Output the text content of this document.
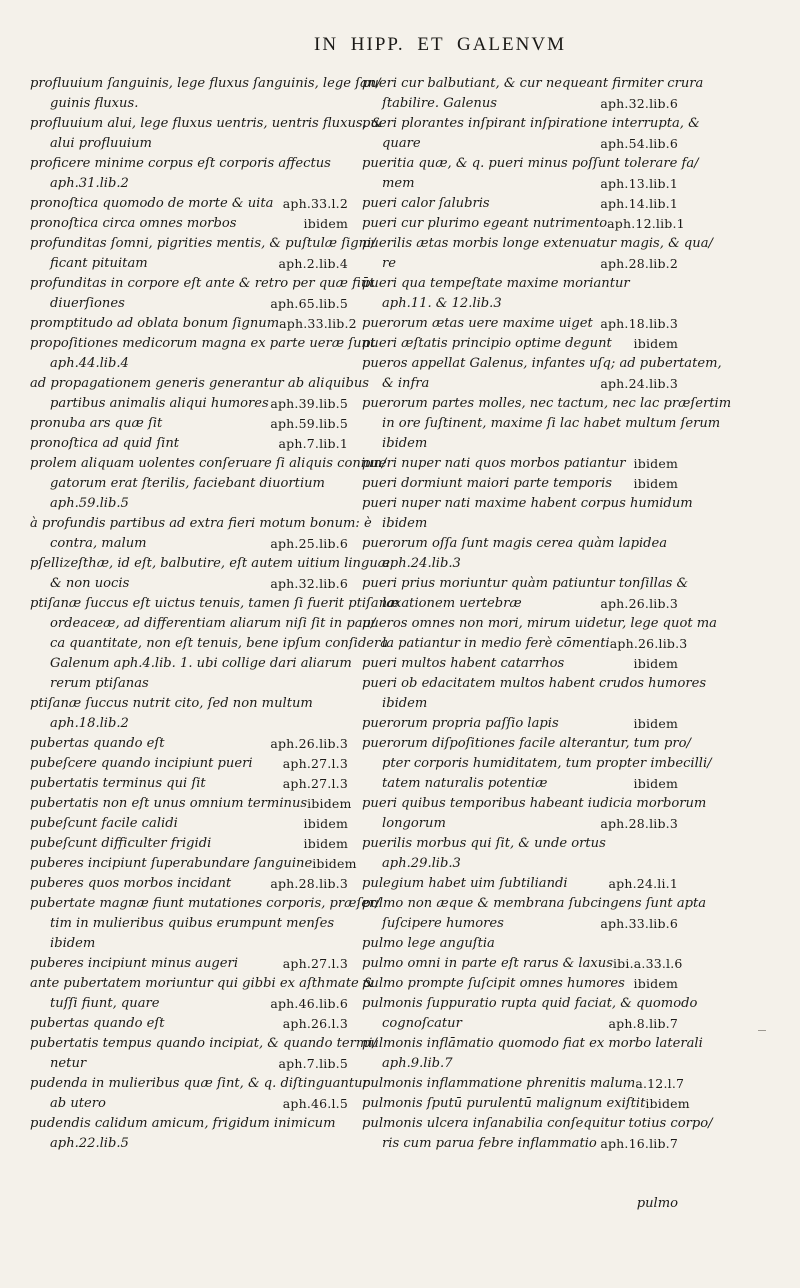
IN HIPP. ET GALENVM
profluuium ſanguinis, lege fluxus ſanguinis, lege ſan/
guinis fluxus.
profluuium alui, lege fluxus uentris, uentris fluxus, &
alui profluuium
proficere minime corpus eſt corporis affectus
aph.31.lib.2
pronoſtica quomodo de morte & uita aph.33.l.2
pronoſtica circa omnes morbos	ibidem
profunditas ſomni, pigrities mentis, & puſtulæ ſigni/
ficant pituitam	aph.2.lib.4
profunditas in corpore eſt ante & retro per quæ fiūt
diuerſiones	aph.65.lib.5
promptitudo ad oblata bonum ſignum aph.33.lib.2
propoſitiones medicorum magna ex parte ueræ ſunt
aph.44.lib.4
ad propagationem generis generantur ab aliquibus
partibus animalis aliqui humores aph.39.lib.5
pronuba ars quæ ſit	aph.59.lib.5
pronoſtica ad quid ſint	aph.7.lib.1
prolem aliquam uolentes conſeruare ſi aliquis coniun/
gatorum erat ſterilis, faciebant diuortium
aph.59.lib.5
à profundis partibus ad extra fieri motum bonum: è
contra, malum	aph.25.lib.6
pſellizeſthæ, id eſt, balbutire, eſt autem uitium linguæ
& non uocis	aph.32.lib.6
ptiſanæ ſuccus eſt uictus tenuis, tamen ſi fuerit ptiſanæ
ordeaceæ, ad differentiam aliarum niſi ſit in pau/
ca quantitate, non eſt tenuis, bene ipſum conſidera
Galenum aph.4.lib. 1. ubi collige dari aliarum
rerum ptiſanas
ptiſanæ ſuccus nutrit cito, ſed non multum
aph.18.lib.2
pubertas quando eſt	aph.26.lib.3
pubeſcere quando incipiunt pueri aph.27.l.3
pubertatis terminus qui ſit	aph.27.l.3
pubertatis non eſt unus omnium terminus ibidem
pubeſcunt facile calidi	ibidem
pubeſcunt difficulter frigidi	ibidem
puberes incipiunt ſuperabundare ſanguine ibidem
puberes quos morbos incidant	aph.28.lib.3
pubertate magnæ fiunt mutationes corporis, præſer/
tim in mulieribus quibus erumpunt menſes
ibidem
puberes incipiunt minus augeri	aph.27.l.3
ante pubertatem moriuntur qui gibbi ex aſthmate &
tuſſi fiunt, quare	aph.46.lib.6
pubertas quando eſt	aph.26.l.3
pubertatis tempus quando incipiat, & quando termi/
netur	aph.7.lib.5
pudenda in mulieribus quæ ſint, & q. diſtinguantur
ab utero	aph.46.l.5
pudendis calidum amicum, frigidum inimicum
aph.22.lib.5
pueri cur balbutiant, & cur nequeant firmiter crura
ſtabilire. Galenus	aph.32.lib.6
pueri plorantes inſpirant inſpiratione interrupta, &
quare	aph.54.lib.6
pueritia quæ, & q. pueri minus poſſunt tolerare fa/
mem	aph.13.lib.1
pueri calor ſalubris	aph.14.lib.1
pueri cur plurimo egeant nutrimento aph.12.lib.1
puerilis ætas morbis longe extenuatur magis, & qua/
re	aph.28.lib.2
pueri qua tempeſtate maxime moriantur
aph.11. & 12.lib.3
puerorum ætas uere maxime uiget aph.18.lib.3
pueri æſtatis principio optime degunt ibidem
pueros appellat Galenus, infantes uſq; ad pubertatem,
& infra	aph.24.lib.3
puerorum partes molles, nec tactum, nec lac præſertim
in ore ſuſtinent, maxime ſi lac habet multum ſerum
ibidem
pueri nuper nati quos morbos patiantur ibidem
pueri dormiunt maiori parte temporis ibidem
pueri nuper nati maxime habent corpus humidum
ibidem
puerorum oſſa ſunt magis cerea quàm lapidea
aph.24.lib.3
pueri prius moriuntur quàm patiuntur tonſillas &
laxationem uertebræ	aph.26.lib.3
pueros omnes non mori, mirum uidetur, lege quot ma
la patiantur in medio ferè cōmenti aph.26.lib.3
pueri multos habent catarrhos	ibidem
pueri ob edacitatem multos habent crudos humores
ibidem
puerorum propria paſſio lapis	ibidem
puerorum diſpoſitiones facile alterantur, tum pro/
pter corporis humiditatem, tum propter imbecilli/
tatem naturalis potentiæ	ibidem
pueri quibus temporibus habeant iudicia morborum
longorum	aph.28.lib.3
puerilis morbus qui ſit, & unde ortus
aph.29.lib.3
pulegium habet uim ſubtiliandi	aph.24.li.1
pulmo non æque & membrana ſubcingens ſunt apta
ſuſcipere humores	aph.33.lib.6
pulmo lege anguſtia
pulmo omni in parte eſt rarus & laxus ibi.a.33.l.6
pulmo prompte ſuſcipit omnes humores ibidem
pulmonis ſuppuratio rupta quid faciat, & quomodo
cognoſcatur	aph.8.lib.7
pulmonis inflāmatio quomodo fiat ex morbo laterali
aph.9.lib.7
pulmonis inflammatione phrenitis malum a.12.l.7
pulmonis ſputū purulentū malignum exiſtit ibidem
pulmonis ulcera inſanabilia conſequitur totius corpo/
ris cum parua febre inflammatio aph.16.lib.7
pulmo
